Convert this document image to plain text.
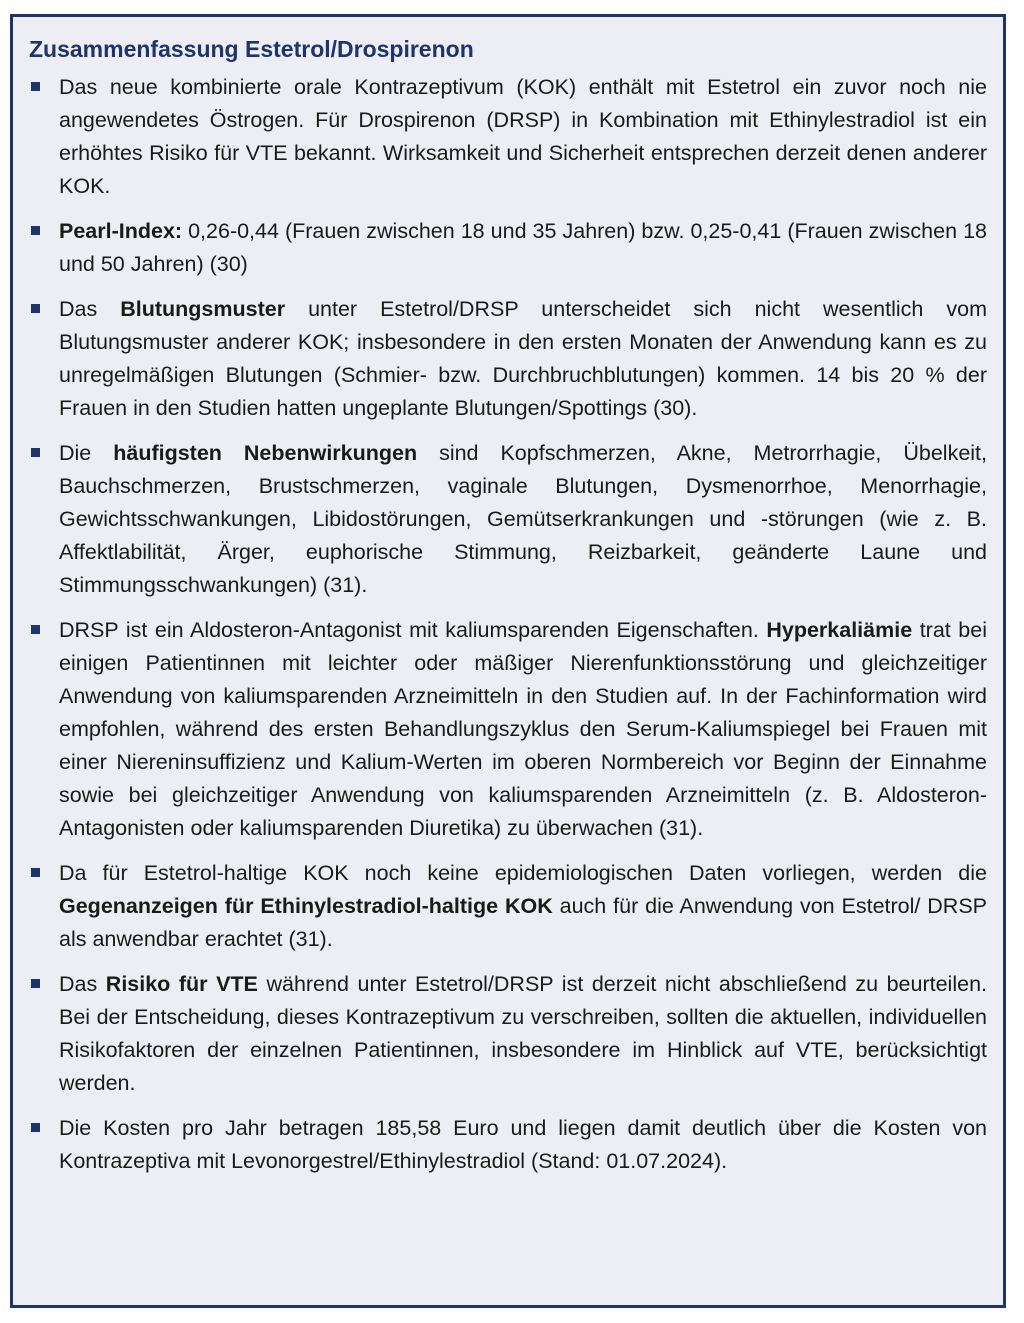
Zusammenfassung Estetrol/Drospirenon
Das neue kombinierte orale Kontrazeptivum (KOK) enthält mit Estetrol ein zuvor noch nie angewendetes Östrogen. Für Drospirenon (DRSP) in Kombination mit Ethinylestradiol ist ein erhöhtes Risiko für VTE bekannt. Wirksamkeit und Sicherheit entsprechen derzeit denen anderer KOK.
Pearl-Index: 0,26-0,44 (Frauen zwischen 18 und 35 Jahren) bzw. 0,25-0,41 (Frauen zwischen 18 und 50 Jahren) (30)
Das Blutungsmuster unter Estetrol/DRSP unterscheidet sich nicht wesentlich vom Blutungsmuster anderer KOK; insbesondere in den ersten Monaten der Anwendung kann es zu unregelmäßigen Blutungen (Schmier- bzw. Durchbruchblutungen) kommen. 14 bis 20 % der Frauen in den Studien hatten ungeplante Blutungen/Spottings (30).
Die häufigsten Nebenwirkungen sind Kopfschmerzen, Akne, Metrorrhagie, Übelkeit, Bauchschmerzen, Brustschmerzen, vaginale Blutungen, Dysmenorrhoe, Menorrhagie, Gewichtsschwankungen, Libidostörungen, Gemütserkrankungen und -störungen (wie z. B. Affektlabilität, Ärger, euphorische Stimmung, Reizbarkeit, geänderte Laune und Stimmungsschwankungen) (31).
DRSP ist ein Aldosteron-Antagonist mit kaliumsparenden Eigenschaften. Hyperkaliämie trat bei einigen Patientinnen mit leichter oder mäßiger Nierenfunktionsstörung und gleichzeitiger Anwendung von kaliumsparenden Arzneimitteln in den Studien auf. In der Fachinformation wird empfohlen, während des ersten Behandlungszyklus den Serum-Kaliumspiegel bei Frauen mit einer Niereninsuffizienz und Kalium-Werten im oberen Normbereich vor Beginn der Einnahme sowie bei gleichzeitiger Anwendung von kaliumsparenden Arzneimitteln (z. B. Aldosteron-Antagonisten oder kaliumsparenden Diuretika) zu überwachen (31).
Da für Estetrol-haltige KOK noch keine epidemiologischen Daten vorliegen, werden die Gegenanzeigen für Ethinylestradiol-haltige KOK auch für die Anwendung von Estetrol/ DRSP als anwendbar erachtet (31).
Das Risiko für VTE während unter Estetrol/DRSP ist derzeit nicht abschließend zu beurteilen. Bei der Entscheidung, dieses Kontrazeptivum zu verschreiben, sollten die aktuellen, individuellen Risikofaktoren der einzelnen Patientinnen, insbesondere im Hinblick auf VTE, berücksichtigt werden.
Die Kosten pro Jahr betragen 185,58 Euro und liegen damit deutlich über die Kosten von Kontrazeptiva mit Levonorgestrel/Ethinylestradiol (Stand: 01.07.2024).
